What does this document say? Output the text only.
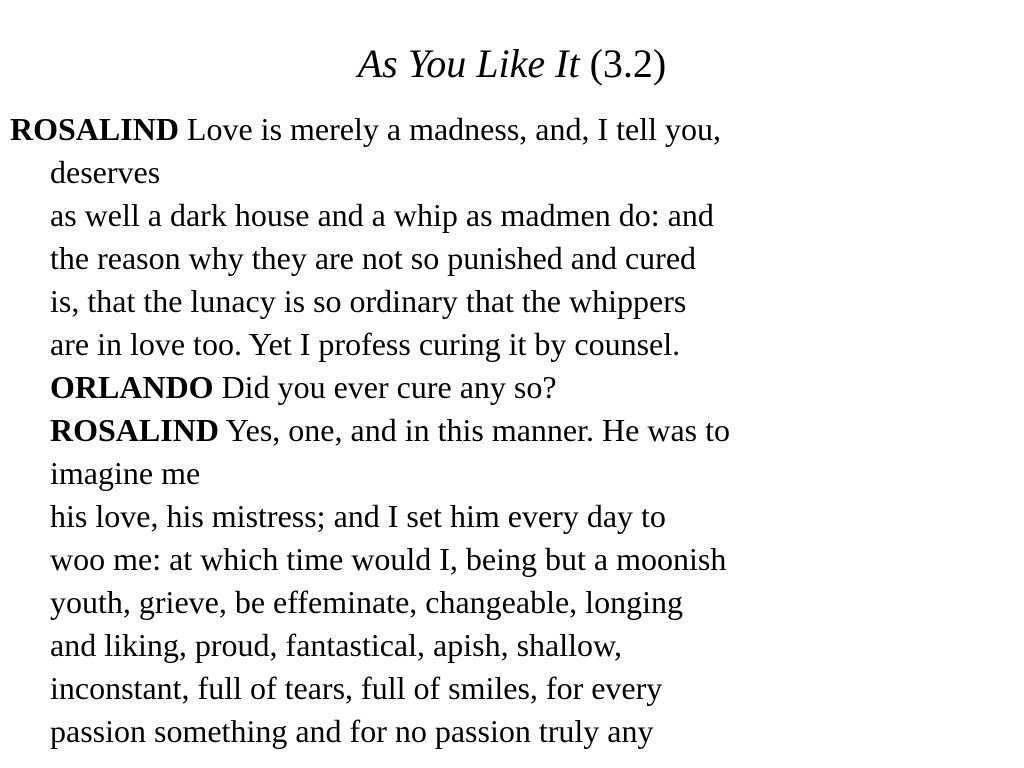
As You Like It (3.2)
ROSALIND Love is merely a madness, and, I tell you,
deserves
as well a dark house and a whip as madmen do: and
the reason why they are not so punished and cured
is, that the lunacy is so ordinary that the whippers
are in love too. Yet I profess curing it by counsel.
ORLANDO Did you ever cure any so?
ROSALIND Yes, one, and in this manner. He was to
imagine me
his love, his mistress; and I set him every day to
woo me: at which time would I, being but a moonish
youth, grieve, be effeminate, changeable, longing
and liking, proud, fantastical, apish, shallow,
inconstant, full of tears, full of smiles, for every
passion something and for no passion truly any
